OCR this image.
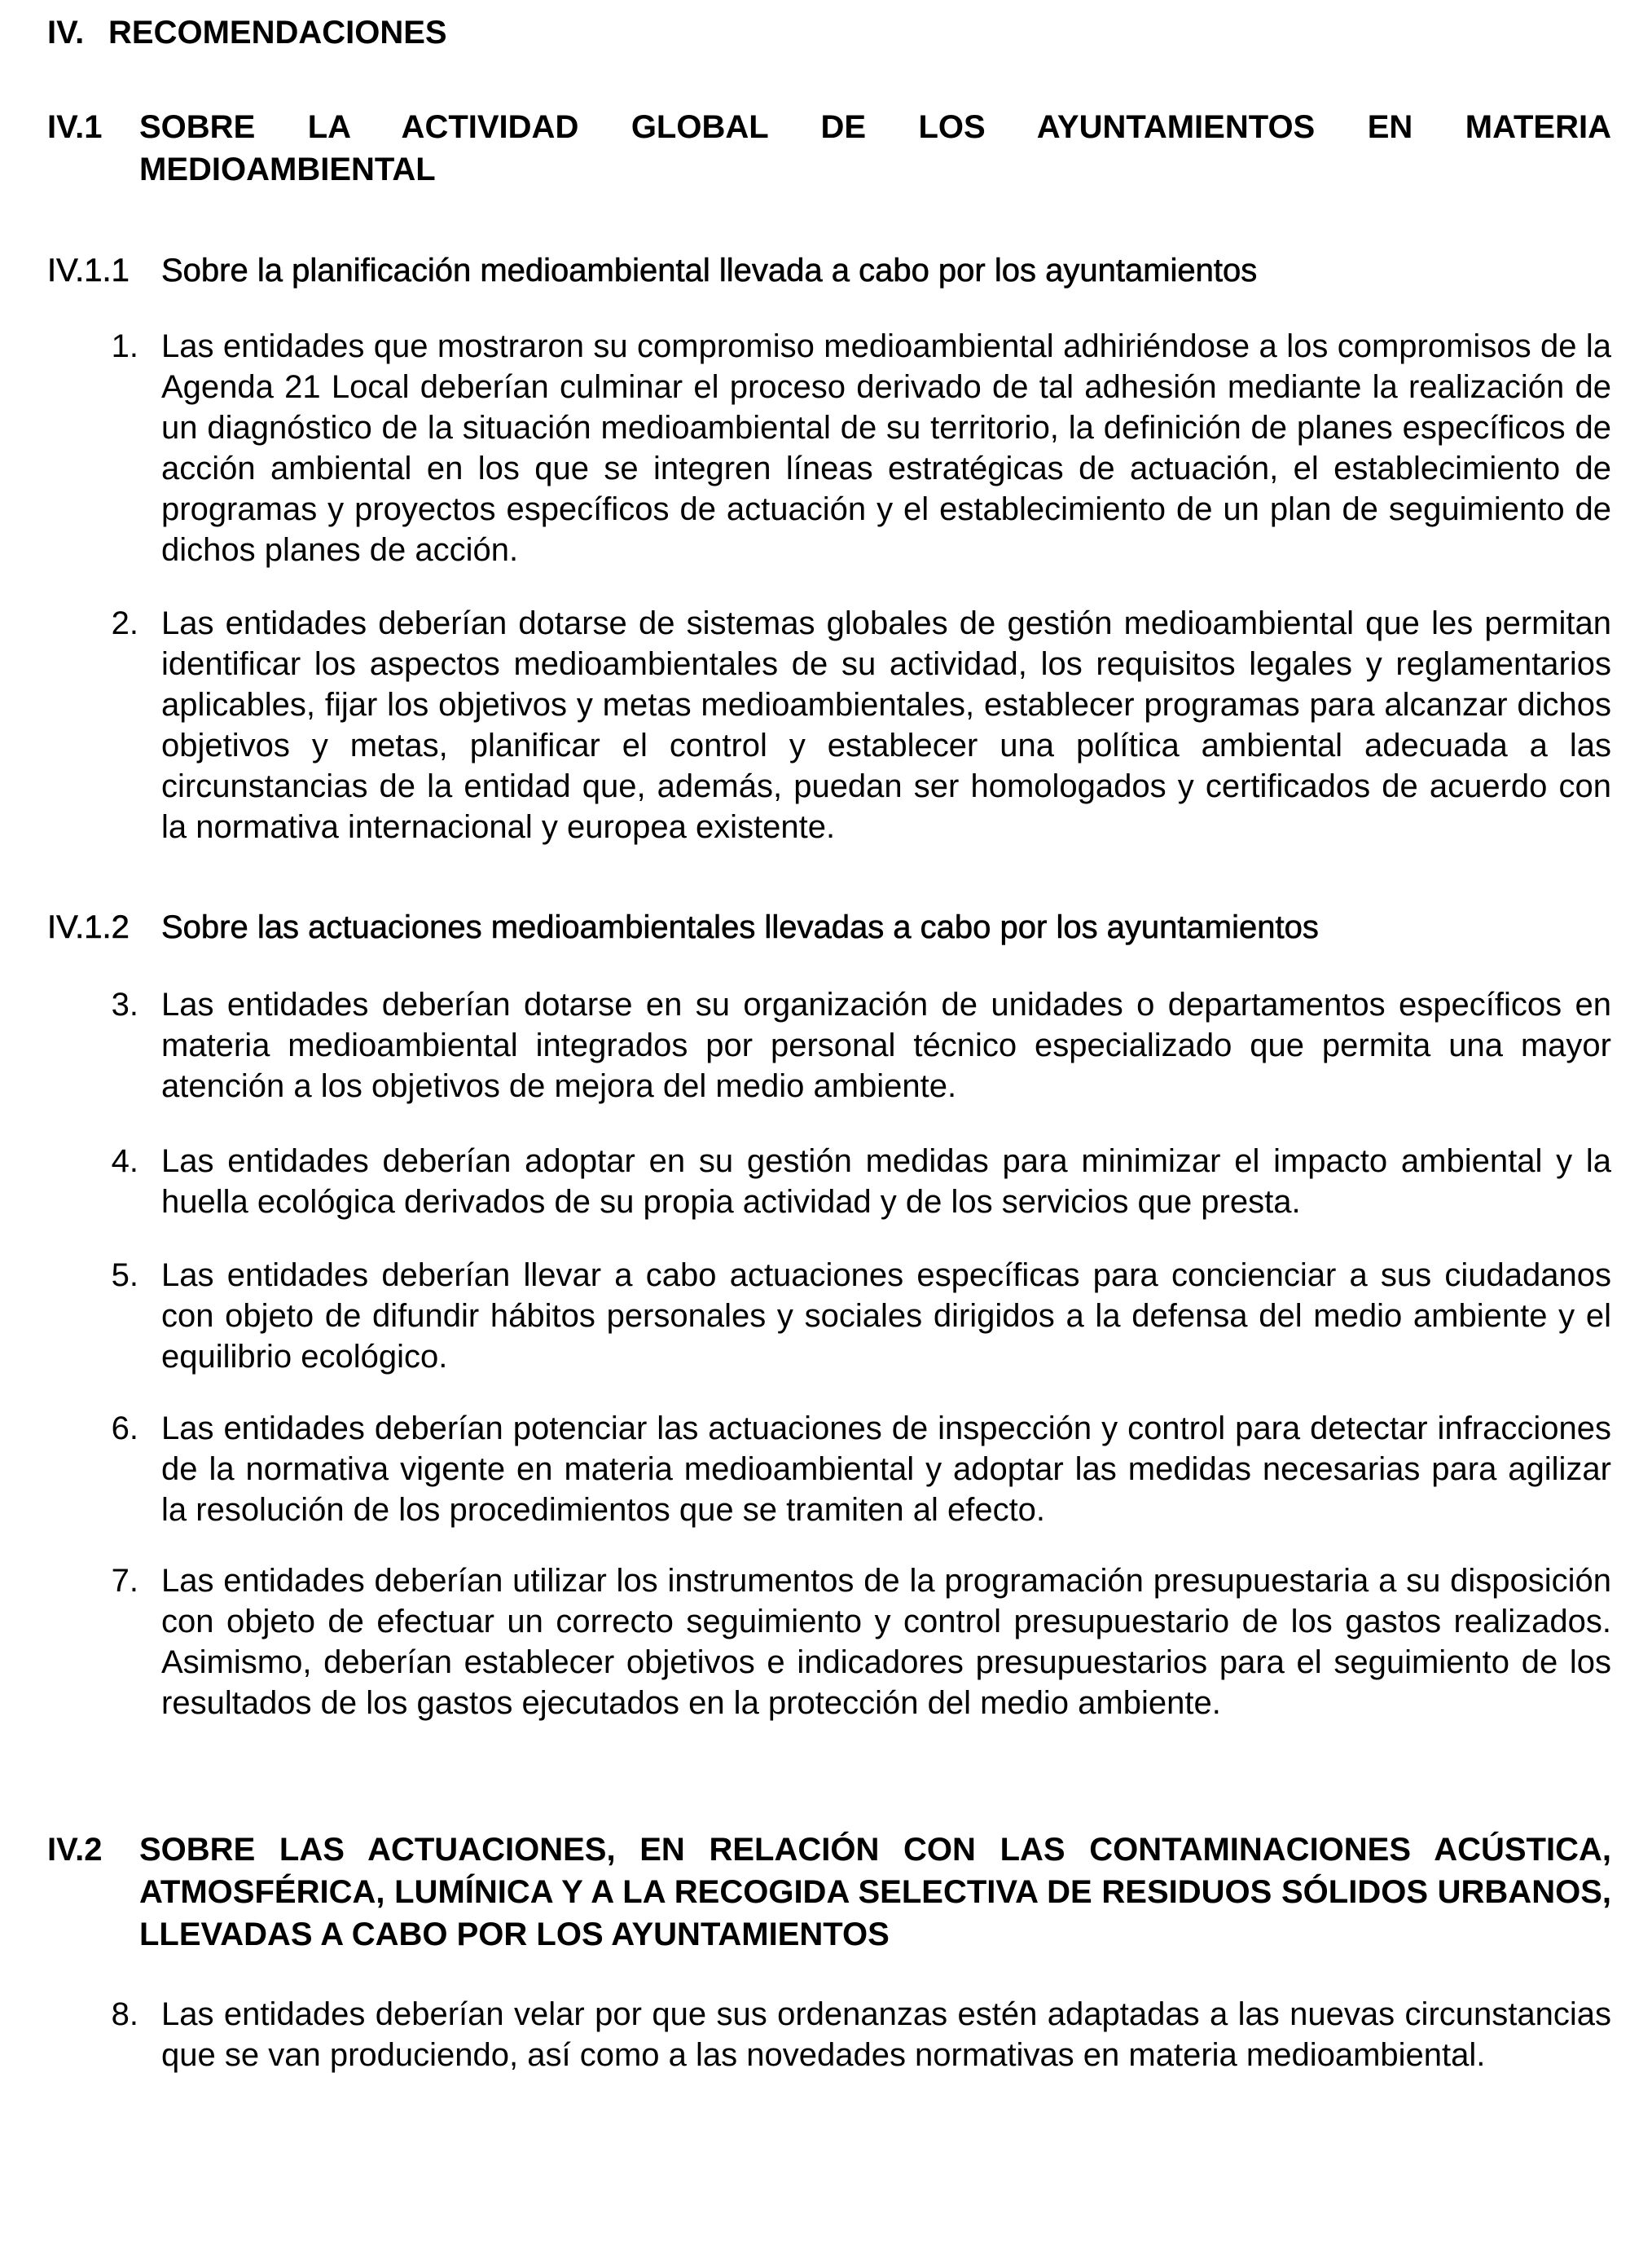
IV. RECOMENDACIONES
IV.1 SOBRE LA ACTIVIDAD GLOBAL DE LOS AYUNTAMIENTOS EN MATERIA
MEDIOAMBIENTAL
IV.1.1 Sobre la planificación medioambiental llevada a cabo por los ayuntamientos
1. Las entidades que mostraron su compromiso medioambiental adhiriéndose a los compromisos de la Agenda 21 Local deberían culminar el proceso derivado de tal adhesión mediante la realización de un diagnóstico de la situación medioambiental de su territorio, la definición de planes específicos de acción ambiental en los que se integren líneas estratégicas de actuación, el establecimiento de programas y proyectos específicos de actuación y el establecimiento de un plan de seguimiento de dichos planes de acción.
2. Las entidades deberían dotarse de sistemas globales de gestión medioambiental que les permitan identificar los aspectos medioambientales de su actividad, los requisitos legales y reglamentarios aplicables, fijar los objetivos y metas medioambientales, establecer programas para alcanzar dichos objetivos y metas, planificar el control y establecer una política ambiental adecuada a las circunstancias de la entidad que, además, puedan ser homologados y certificados de acuerdo con la normativa internacional y europea existente.
IV.1.2 Sobre las actuaciones medioambientales llevadas a cabo por los ayuntamientos
3. Las entidades deberían dotarse en su organización de unidades o departamentos específicos en materia medioambiental integrados por personal técnico especializado que permita una mayor atención a los objetivos de mejora del medio ambiente.
4. Las entidades deberían adoptar en su gestión medidas para minimizar el impacto ambiental y la huella ecológica derivados de su propia actividad y de los servicios que presta.
5. Las entidades deberían llevar a cabo actuaciones específicas para concienciar a sus ciudadanos con objeto de difundir hábitos personales y sociales dirigidos a la defensa del medio ambiente y el equilibrio ecológico.
6. Las entidades deberían potenciar las actuaciones de inspección y control para detectar infracciones de la normativa vigente en materia medioambiental y adoptar las medidas necesarias para agilizar la resolución de los procedimientos que se tramiten al efecto.
7. Las entidades deberían utilizar los instrumentos de la programación presupuestaria a su disposición con objeto de efectuar un correcto seguimiento y control presupuestario de los gastos realizados. Asimismo, deberían establecer objetivos e indicadores presupuestarios para el seguimiento de los resultados de los gastos ejecutados en la protección del medio ambiente.
IV.2 SOBRE LAS ACTUACIONES, EN RELACIÓN CON LAS CONTAMINACIONES ACÚSTICA, ATMOSFÉRICA, LUMÍNICA Y A LA RECOGIDA SELECTIVA DE RESIDUOS SÓLIDOS URBANOS, LLEVADAS A CABO POR LOS AYUNTAMIENTOS
8. Las entidades deberían velar por que sus ordenanzas estén adaptadas a las nuevas circunstancias que se van produciendo, así como a las novedades normativas en materia medioambiental.
